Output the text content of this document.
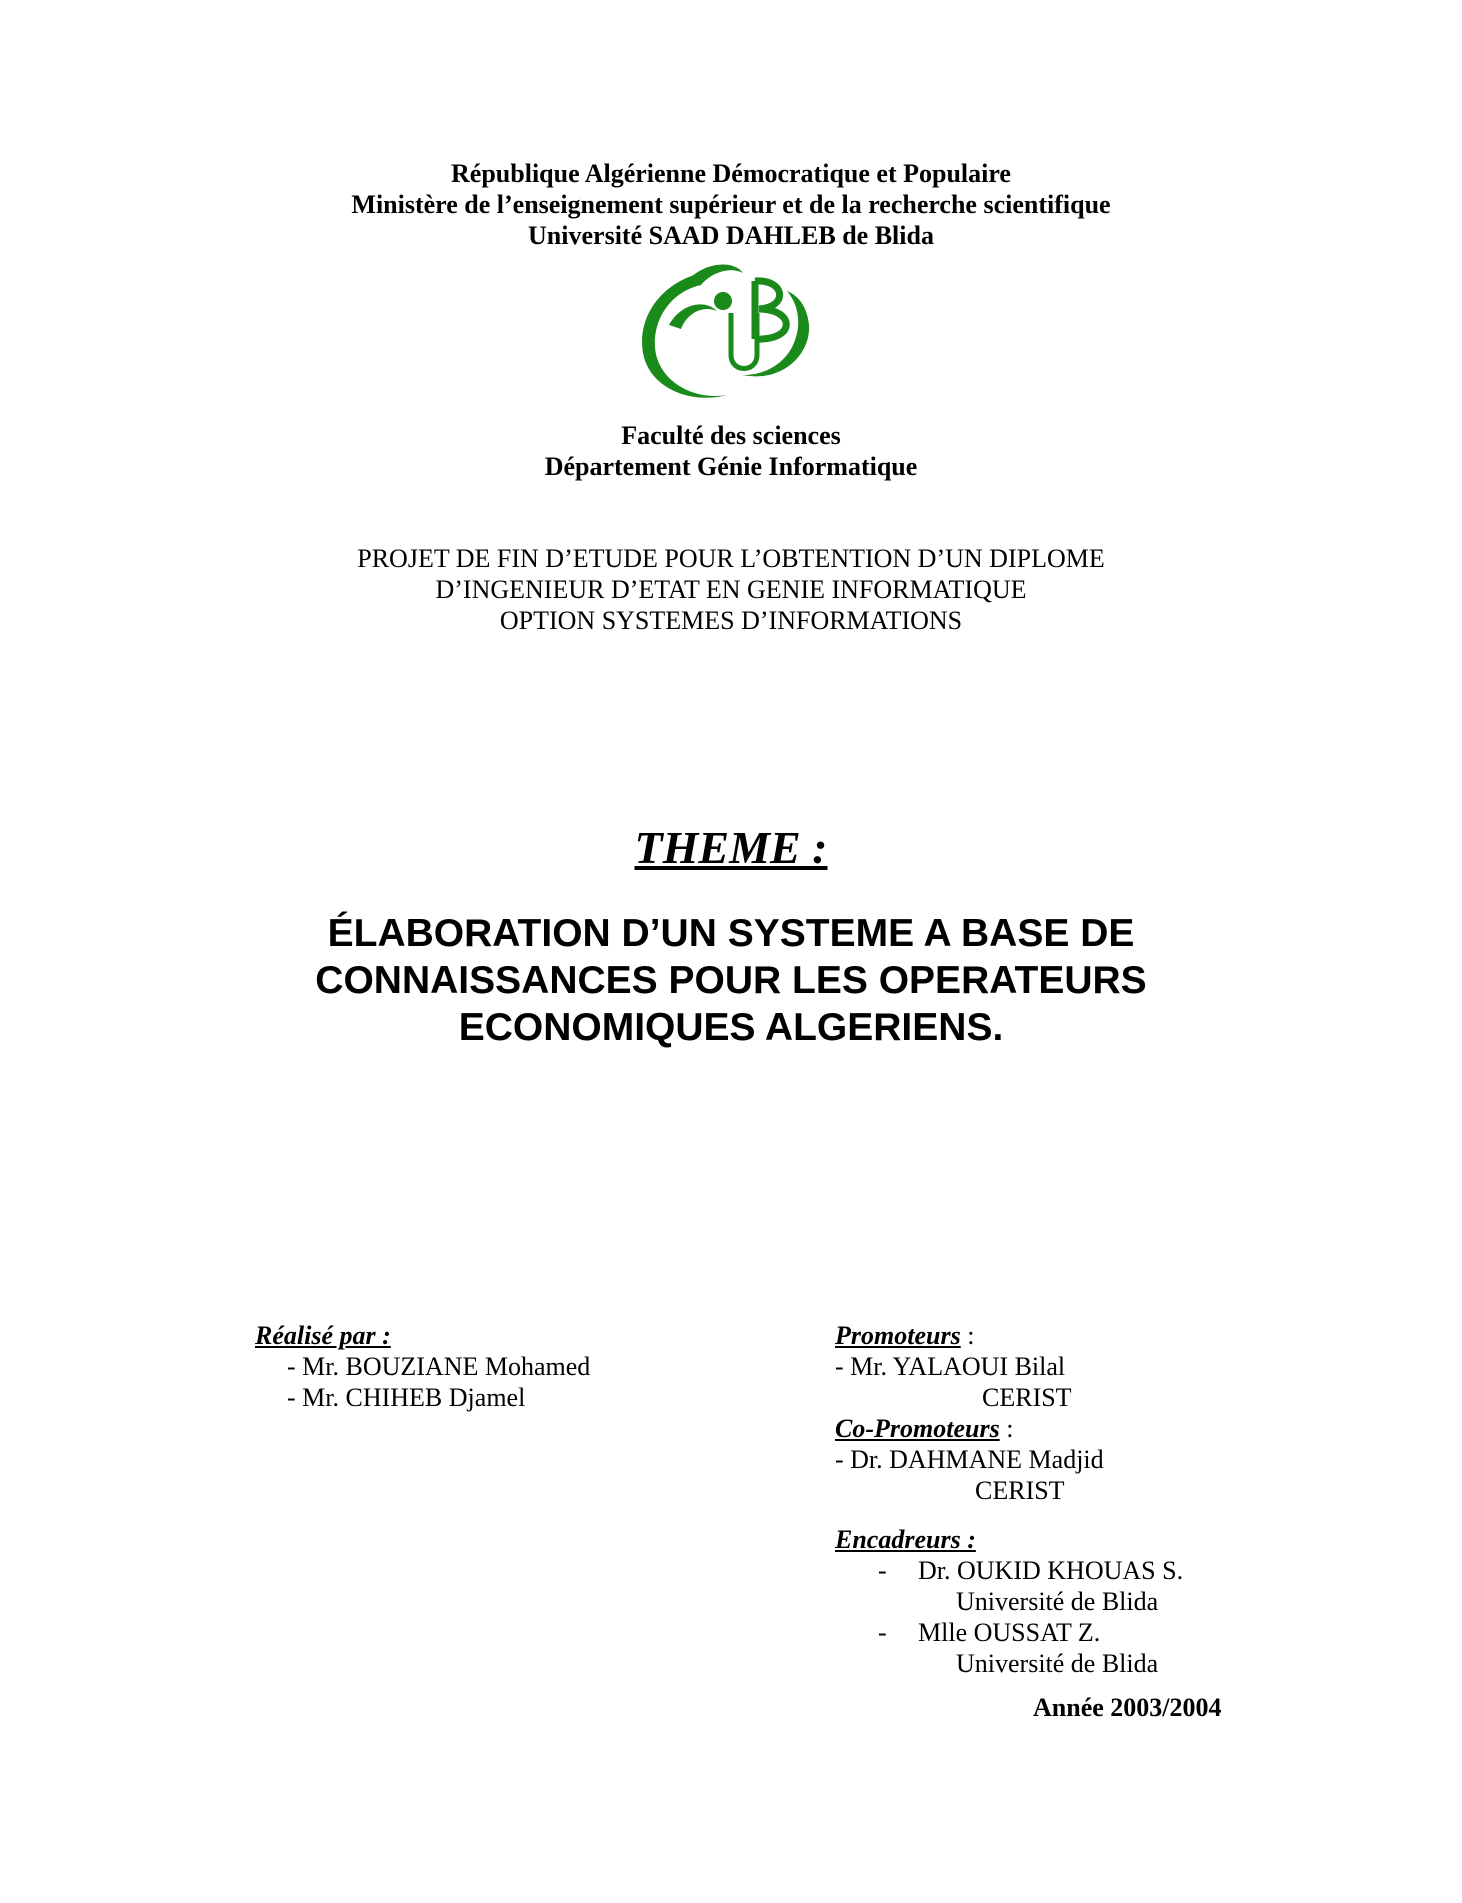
République Algérienne Démocratique et Populaire
Ministère de l’enseignement supérieur et de la recherche scientifique
Université SAAD DAHLEB de Blida
Faculté des sciences
Département Génie Informatique
PROJET DE FIN D’ETUDE POUR L’OBTENTION D’UN DIPLOME
D’INGENIEUR D’ETAT EN GENIE INFORMATIQUE
OPTION SYSTEMES D’INFORMATIONS
THEME :
ÉLABORATION D’UN SYSTEME A BASE DE
CONNAISSANCES POUR LES OPERATEURS
ECONOMIQUES ALGERIENS.
Réalisé par :
- Mr. BOUZIANE Mohamed
- Mr. CHIHEB Djamel
Promoteurs :
- Mr. YALAOUI Bilal
CERIST
Co-Promoteurs :
- Dr. DAHMANE Madjid
CERIST
Encadreurs :
- Dr. OUKID KHOUAS S.
Université de Blida
- Mlle OUSSAT Z.
Université de Blida
Année 2003/2004
